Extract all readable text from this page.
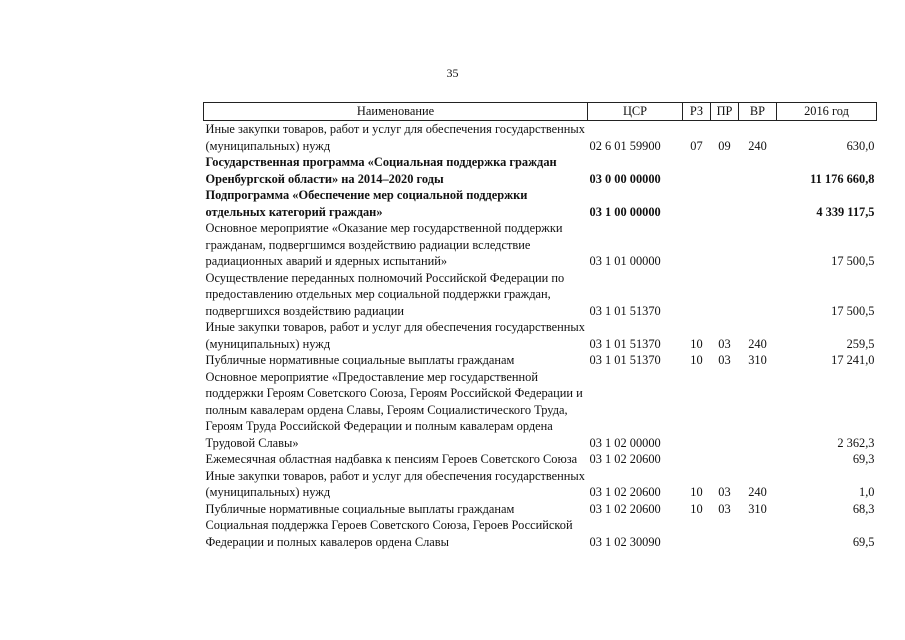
35
Наименование	ЦСР	РЗ	ПР	ВР	2016 год
Иные закупки товаров, работ и услуг для обеспечения государственных (муниципальных) нужд	02 6 01 59900	07	09	240	630,0
Государственная программа «Социальная поддержка граждан Оренбургской области» на 2014–2020 годы	03 0 00 00000				11 176 660,8
Подпрограмма «Обеспечение мер социальной поддержки отдельных категорий граждан»	03 1 00 00000				4 339 117,5
Основное мероприятие «Оказание мер государственной поддержки гражданам, подвергшимся воздействию радиации вследствие радиационных аварий и ядерных испытаний»	03 1 01 00000				17 500,5
Осуществление переданных полномочий Российской Федерации по предоставлению отдельных мер социальной поддержки граждан, подвергшихся воздействию радиации	03 1 01 51370				17 500,5
Иные закупки товаров, работ и услуг для обеспечения государственных (муниципальных) нужд	03 1 01 51370	10	03	240	259,5
Публичные нормативные социальные выплаты гражданам	03 1 01 51370	10	03	310	17 241,0
Основное мероприятие «Предоставление мер государственной поддержки Героям Советского Союза, Героям Российской Федерации и полным кавалерам ордена Славы, Героям Социалистического Труда, Героям Труда Российской Федерации и полным кавалерам ордена Трудовой Славы»	03 1 02 00000				2 362,3
Ежемесячная областная надбавка к пенсиям Героев Советского Союза	03 1 02 20600				69,3
Иные закупки товаров, работ и услуг для обеспечения государственных (муниципальных) нужд	03 1 02 20600	10	03	240	1,0
Публичные нормативные социальные выплаты гражданам	03 1 02 20600	10	03	310	68,3
Социальная поддержка Героев Советского Союза, Героев Российской Федерации и полных кавалеров ордена Славы	03 1 02 30090				69,5
